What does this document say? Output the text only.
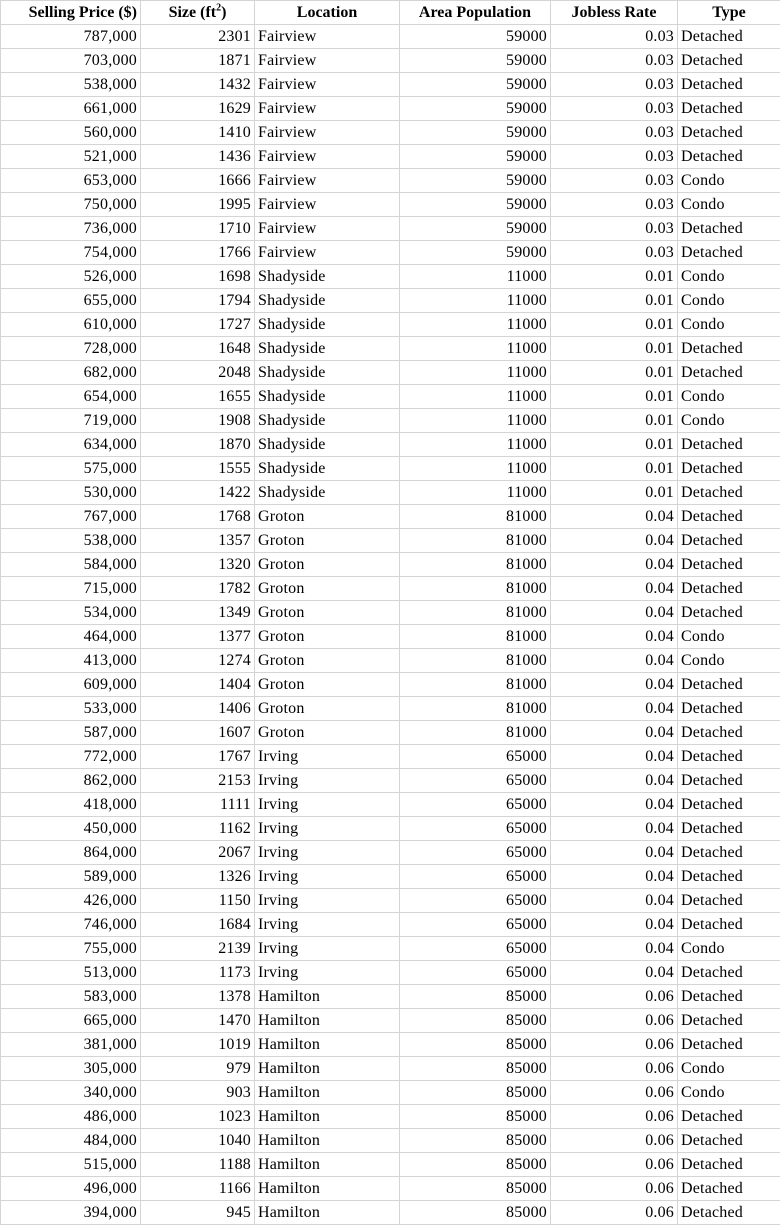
Selling Price ($)	Size $(ft^2)$	Location	Area Population	Jobless Rate	Type
787,000	2301	Fairview	59000	0.03	Detached
703,000	1871	Fairview	59000	0.03	Detached
538,000	1432	Fairview	59000	0.03	Detached
661,000	1629	Fairview	59000	0.03	Detached
560,000	1410	Fairview	59000	0.03	Detached
521,000	1436	Fairview	59000	0.03	Detached
653,000	1666	Fairview	59000	0.03	Condo
750,000	1995	Fairview	59000	0.03	Condo
736,000	1710	Fairview	59000	0.03	Detached
754,000	1766	Fairview	59000	0.03	Detached
526,000	1698	Shadyside	11000	0.01	Condo
655,000	1794	Shadyside	11000	0.01	Condo
610,000	1727	Shadyside	11000	0.01	Condo
728,000	1648	Shadyside	11000	0.01	Detached
682,000	2048	Shadyside	11000	0.01	Detached
654,000	1655	Shadyside	11000	0.01	Condo
719,000	1908	Shadyside	11000	0.01	Condo
634,000	1870	Shadyside	11000	0.01	Detached
575,000	1555	Shadyside	11000	0.01	Detached
530,000	1422	Shadyside	11000	0.01	Detached
767,000	1768	Groton	81000	0.04	Detached
538,000	1357	Groton	81000	0.04	Detached
584,000	1320	Groton	81000	0.04	Detached
715,000	1782	Groton	81000	0.04	Detached
534,000	1349	Groton	81000	0.04	Detached
464,000	1377	Groton	81000	0.04	Condo
413,000	1274	Groton	81000	0.04	Condo
609,000	1404	Groton	81000	0.04	Detached
533,000	1406	Groton	81000	0.04	Detached
587,000	1607	Groton	81000	0.04	Detached
772,000	1767	Irving	65000	0.04	Detached
862,000	2153	Irving	65000	0.04	Detached
418,000	1111	Irving	65000	0.04	Detached
450,000	1162	Irving	65000	0.04	Detached
864,000	2067	Irving	65000	0.04	Detached
589,000	1326	Irving	65000	0.04	Detached
426,000	1150	Irving	65000	0.04	Detached
746,000	1684	Irving	65000	0.04	Detached
755,000	2139	Irving	65000	0.04	Condo
513,000	1173	Irving	65000	0.04	Detached
583,000	1378	Hamilton	85000	0.06	Detached
665,000	1470	Hamilton	85000	0.06	Detached
381,000	1019	Hamilton	85000	0.06	Detached
305,000	979	Hamilton	85000	0.06	Condo
340,000	903	Hamilton	85000	0.06	Condo
486,000	1023	Hamilton	85000	0.06	Detached
484,000	1040	Hamilton	85000	0.06	Detached
515,000	1188	Hamilton	85000	0.06	Detached
496,000	1166	Hamilton	85000	0.06	Detached
394,000	945	Hamilton	85000	0.06	Detached
